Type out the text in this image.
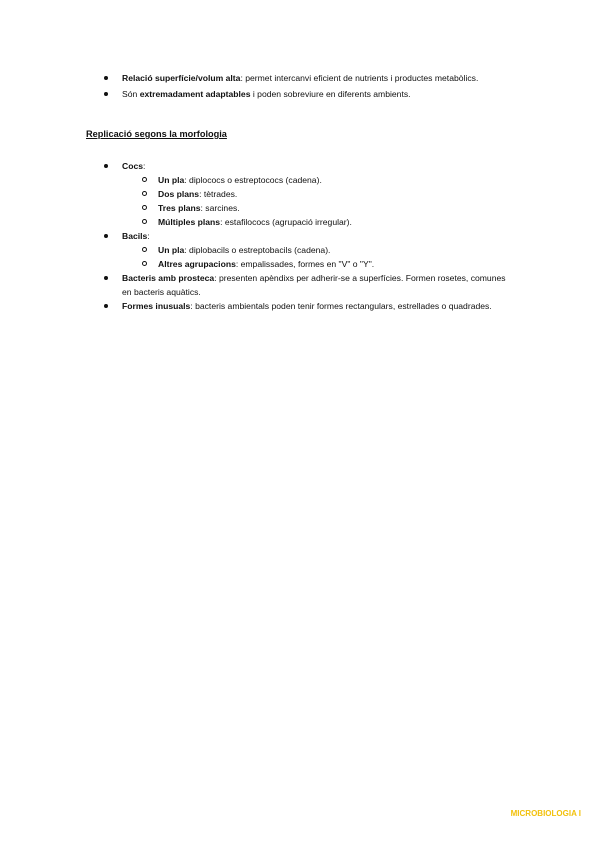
Relació superfície/volum alta: permet intercanvi eficient de nutrients i productes metabòlics.
Són extremadament adaptables i poden sobreviure en diferents ambients.
Replicació segons la morfologia
Cocs:
Un pla: diplococs o estreptococs (cadena).
Dos plans: tètrades.
Tres plans: sarcines.
Múltiples plans: estafilococs (agrupació irregular).
Bacils:
Un pla: diplobacils o estreptobacils (cadena).
Altres agrupacions: empalissades, formes en "V" o "Y".
Bacteris amb prosteca: presenten apèndixs per adherir-se a superfícies. Formen rosetes, comunes en bacteris aquàtics.
Formes inusuals: bacteris ambientals poden tenir formes rectangulars, estrellades o quadrades.
MICROBIOLOGIA I
